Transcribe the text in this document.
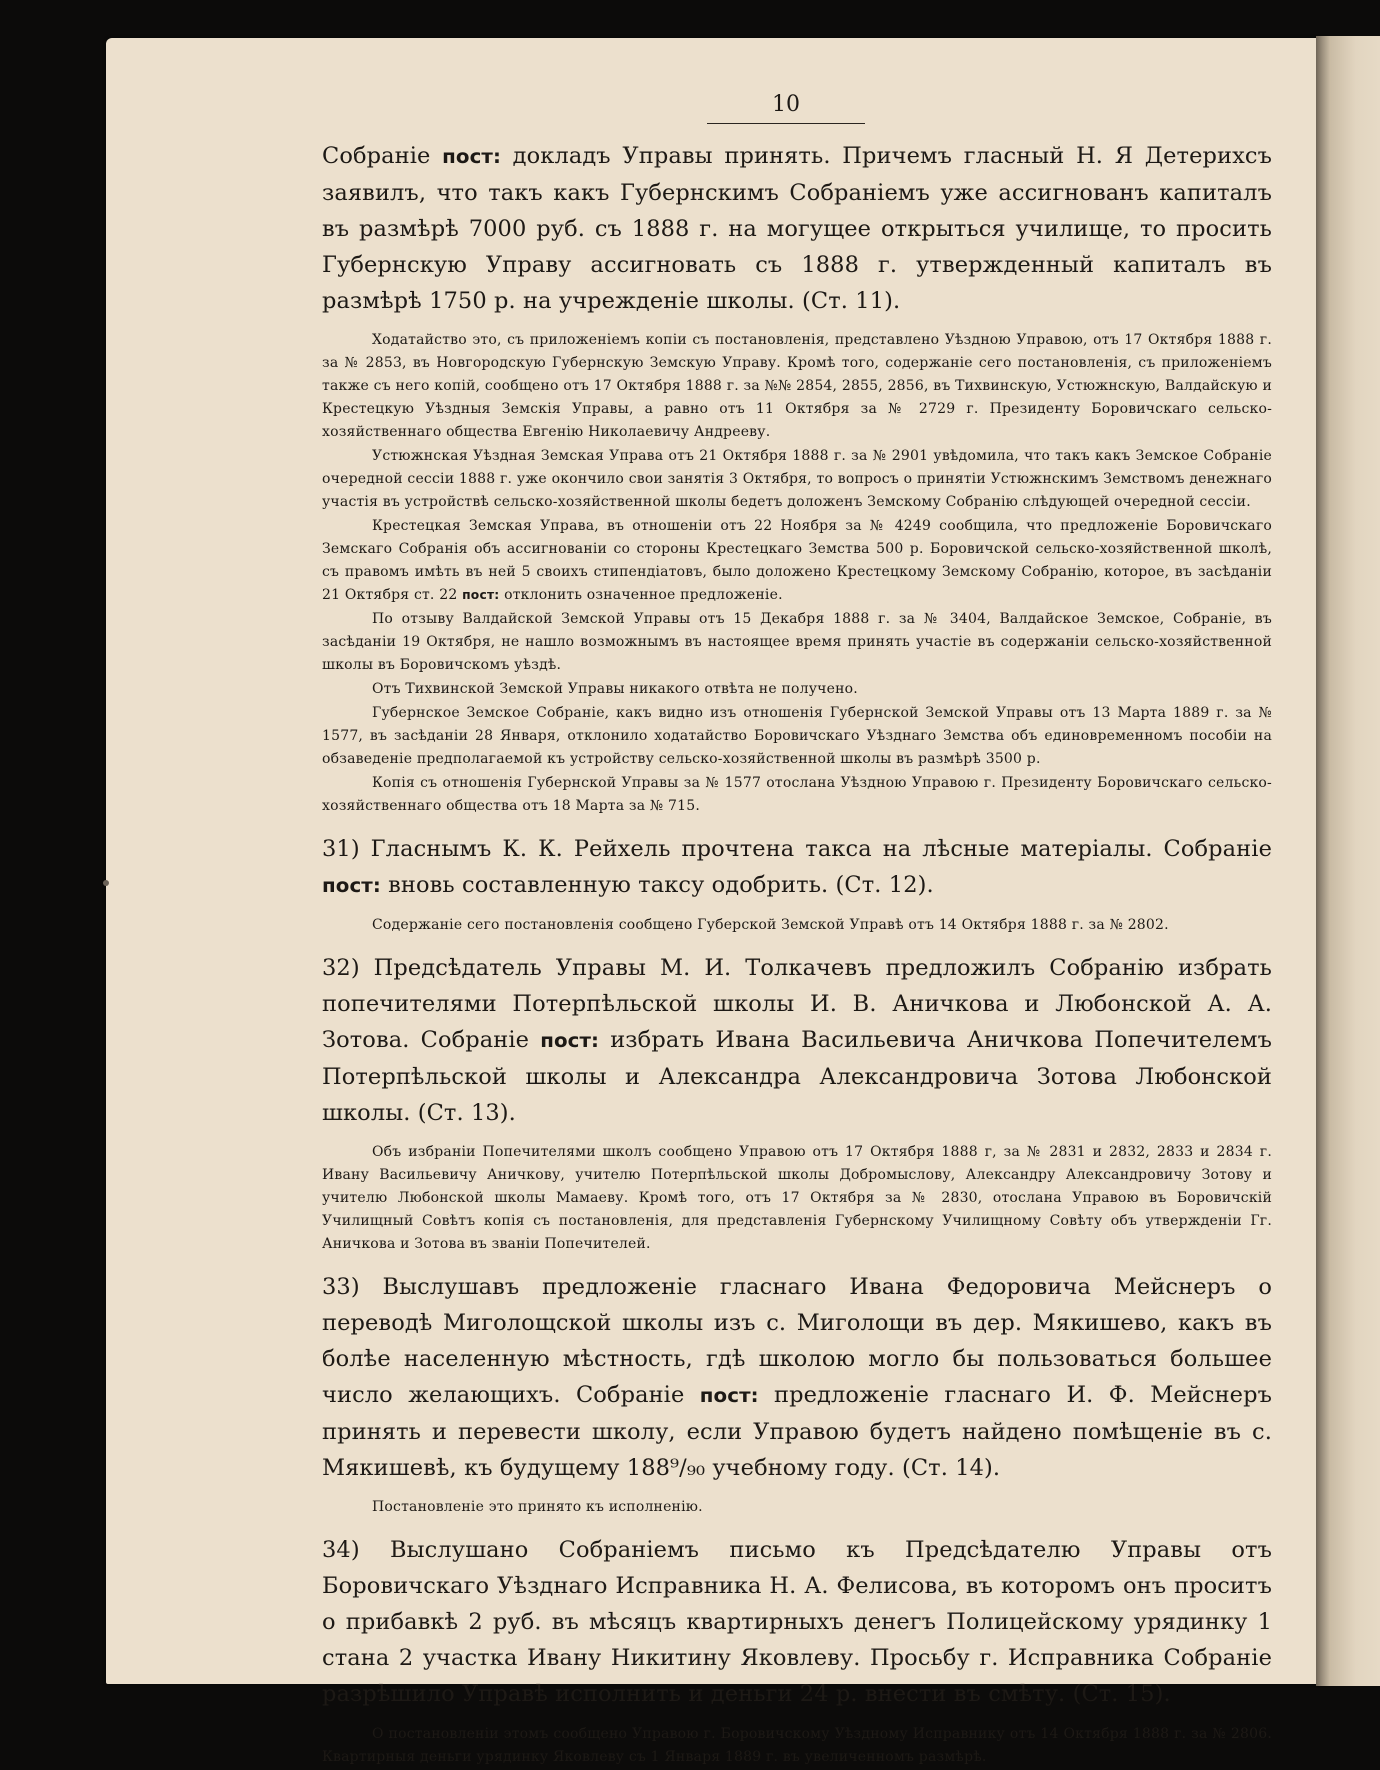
10

Собраніе пост: докладъ Управы принять. Причемъ гласный Н. Я Детерихсъ заявилъ, что такъ какъ Губернскимъ Собраніемъ уже ассигнованъ капиталъ въ размѣрѣ 7000 руб. съ 1888 г. на могущее открыться училище, то просить Губернскую Управу ассигновать съ 1888 г. утвержденный капиталъ въ размѣрѣ 1750 р. на учрежденіе школы. (Ст. 11).

Ходатайство это, съ приложеніемъ копіи съ постановленія, представлено Уѣздною Управою, отъ 17 Октября 1888 г. за № 2853, въ Новгородскую Губернскую Земскую Управу. Кромѣ того, содержаніе сего постановленія, съ приложеніемъ также съ него копій, сообщено отъ 17 Октября 1888 г. за №№ 2854, 2855, 2856, въ Тихвинскую, Устюжнскую, Валдайскую и Крестецкую Уѣздныя Земскія Управы, а равно отъ 11 Октября за № 2729 г. Президенту Боровичскаго сельско-хозяйственнаго общества Евгенію Николаевичу Андрееву.

Устюжнская Уѣздная Земская Управа отъ 21 Октября 1888 г. за № 2901 увѣдомила, что такъ какъ Земское Собраніе очередной сессіи 1888 г. уже окончило свои занятія 3 Октября, то вопросъ о принятіи Устюжнскимъ Земствомъ денежнаго участія въ устройствѣ сельско-хозяйственной школы бедетъ доложенъ Земскому Собранію слѣдующей очередной сессіи.

Крестецкая Земская Управа, въ отношеніи отъ 22 Ноября за № 4249 сообщила, что предложеніе Боровичскаго Земскаго Собранія объ ассигнованіи со стороны Крестецкаго Земства 500 р. Боровичской сельско-хозяйственной школѣ, съ правомъ имѣть въ ней 5 своихъ стипендіатовъ, было доложено Крестецкому Земскому Собранію, которое, въ засѣданіи 21 Октября ст. 22 пост: отклонить означенное предложеніе.

По отзыву Валдайской Земской Управы отъ 15 Декабря 1888 г. за № 3404, Валдайское Земское, Собраніе, въ засѣданіи 19 Октября, не нашло возможнымъ въ настоящее время принять участіе въ содержаніи сельско-хозяйственной школы въ Боровичскомъ уѣздѣ.

Отъ Тихвинской Земской Управы никакого отвѣта не получено.

Губернское Земское Собраніе, какъ видно изъ отношенія Губернской Земской Управы отъ 13 Марта 1889 г. за № 1577, въ засѣданіи 28 Января, отклонило ходатайство Боровичскаго Уѣзднаго Земства объ единовременномъ пособіи на обзаведеніе предполагаемой къ устройству сельско-хозяйственной школы въ размѣрѣ 3500 р.

Копія съ отношенія Губернской Управы за № 1577 отослана Уѣздною Управою г. Президенту Боровичскаго сельско-хозяйственнаго общества отъ 18 Марта за № 715.

31) Гласнымъ К. К. Рейхель прочтена такса на лѣсные матеріалы. Собраніе пост: вновь составленную таксу одобрить. (Ст. 12).

Содержаніе сего постановленія сообщено Губерской Земской Управѣ отъ 14 Октября 1888 г. за № 2802.

32) Предсѣдатель Управы М. И. Толкачевъ предложилъ Собранію избрать попечителями Потерпѣльской школы И. В. Аничкова и Любонской А. А. Зотова. Собраніе пост: избрать Ивана Васильевича Аничкова Попечителемъ Потерпѣльской школы и Александра Александровича Зотова Любонской школы. (Ст. 13).

Объ избраніи Попечителями школъ сообщено Управою отъ 17 Октября 1888 г, за № 2831 и 2832, 2833 и 2834 г. Ивану Васильевичу Аничкову, учителю Потерпѣльской школы Добромыслову, Александру Александровичу Зотову и учителю Любонской школы Мамаеву. Кромѣ того, отъ 17 Октября за № 2830, отослана Управою въ Боровичскій Училищный Совѣтъ копія съ постановленія, для представленія Губернскому Училищному Совѣту объ утвержденіи Гг. Аничкова и Зотова въ званіи Попечителей.

33) Выслушавъ предложеніе гласнаго Ивана Федоровича Мейснеръ о переводѣ Миголощской школы изъ с. Миголощи въ дер. Мякишево, какъ въ болѣе населенную мѣстность, гдѣ школою могло бы пользоваться большее число желающихъ. Собраніе пост: предложеніе гласнаго И. Ф. Мейснеръ принять и перевести школу, если Управою будетъ найдено помѣщеніе въ с. Мякишевѣ, къ будущему 188⁹/₉₀ учебному году. (Ст. 14).

Постановленіе это принято къ исполненію.

34) Выслушано Собраніемъ письмо къ Предсѣдателю Управы отъ Боровичскаго Уѣзднаго Исправника Н. А. Фелисова, въ которомъ онъ проситъ о прибавкѣ 2 руб. въ мѣсяцъ квартирныхъ денегъ Полицейскому урядинку 1 стана 2 участка Ивану Никитину Яковлеву. Просьбу г. Исправника Собраніе разрѣшило Управѣ исполнить и деньги 24 р. внести въ смѣту. (Ст. 15).

О постановленіи этомъ сообщено Управою г. Боровичскому Уѣздному Исправнику отъ 14 Октября 1888 г. за № 2806. Квартирныя деньги урядинку Яковлеву съ 1 Января 1889 г. въ увеличенномъ размѣрѣ.
